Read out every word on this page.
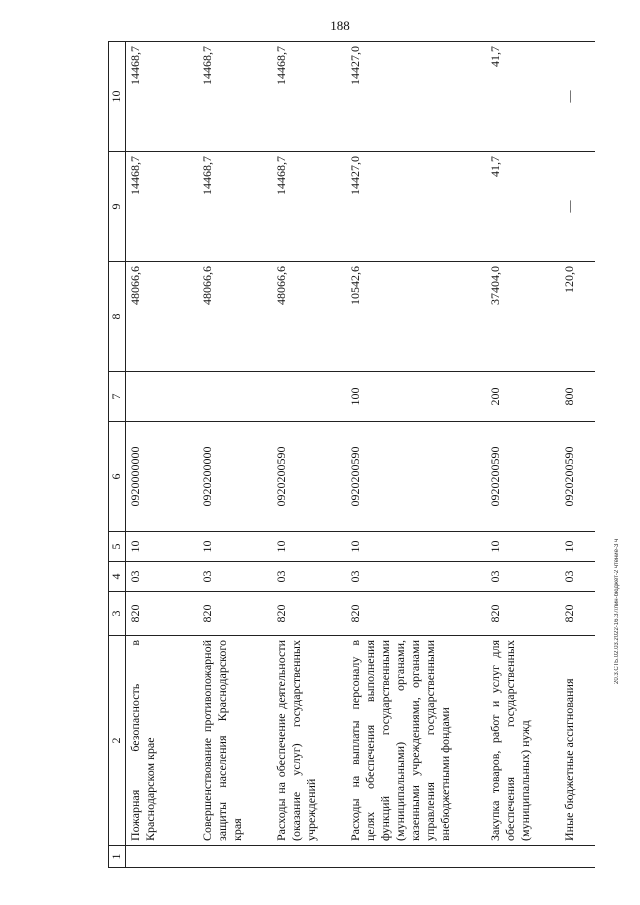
188
20.3.СТБ.02.03.2022-16.37/лин-бюджет-2 чтение-3 ч
1	2	3	4	5	6	7	8	9	10
	Пожарная безопасность в Краснодарском крае	820	03	10	0920000000		48066,6	14468,7	14468,7
	Совершенствование противопожарной защиты населения Краснодарского края	820	03	10	0920200000		48066,6	14468,7	14468,7
	Расходы на обеспечение деятельности (оказание услуг) государственных учреждений	820	03	10	0920200590		48066,6	14468,7	14468,7
	Расходы на выплаты персоналу в целях обеспечения выполнения функций государственными (муниципальными) органами, казенными учреждениями, органами управления государственными внебюджетными фондами	820	03	10	0920200590	100	10542,6	14427,0	14427,0
	Закупка товаров, работ и услуг для обеспечения государственных (муниципальных) нужд	820	03	10	0920200590	200	37404,0	41,7	41,7
	Иные бюджетные ассигнования	820	03	10	0920200590	800	120,0	—	—
